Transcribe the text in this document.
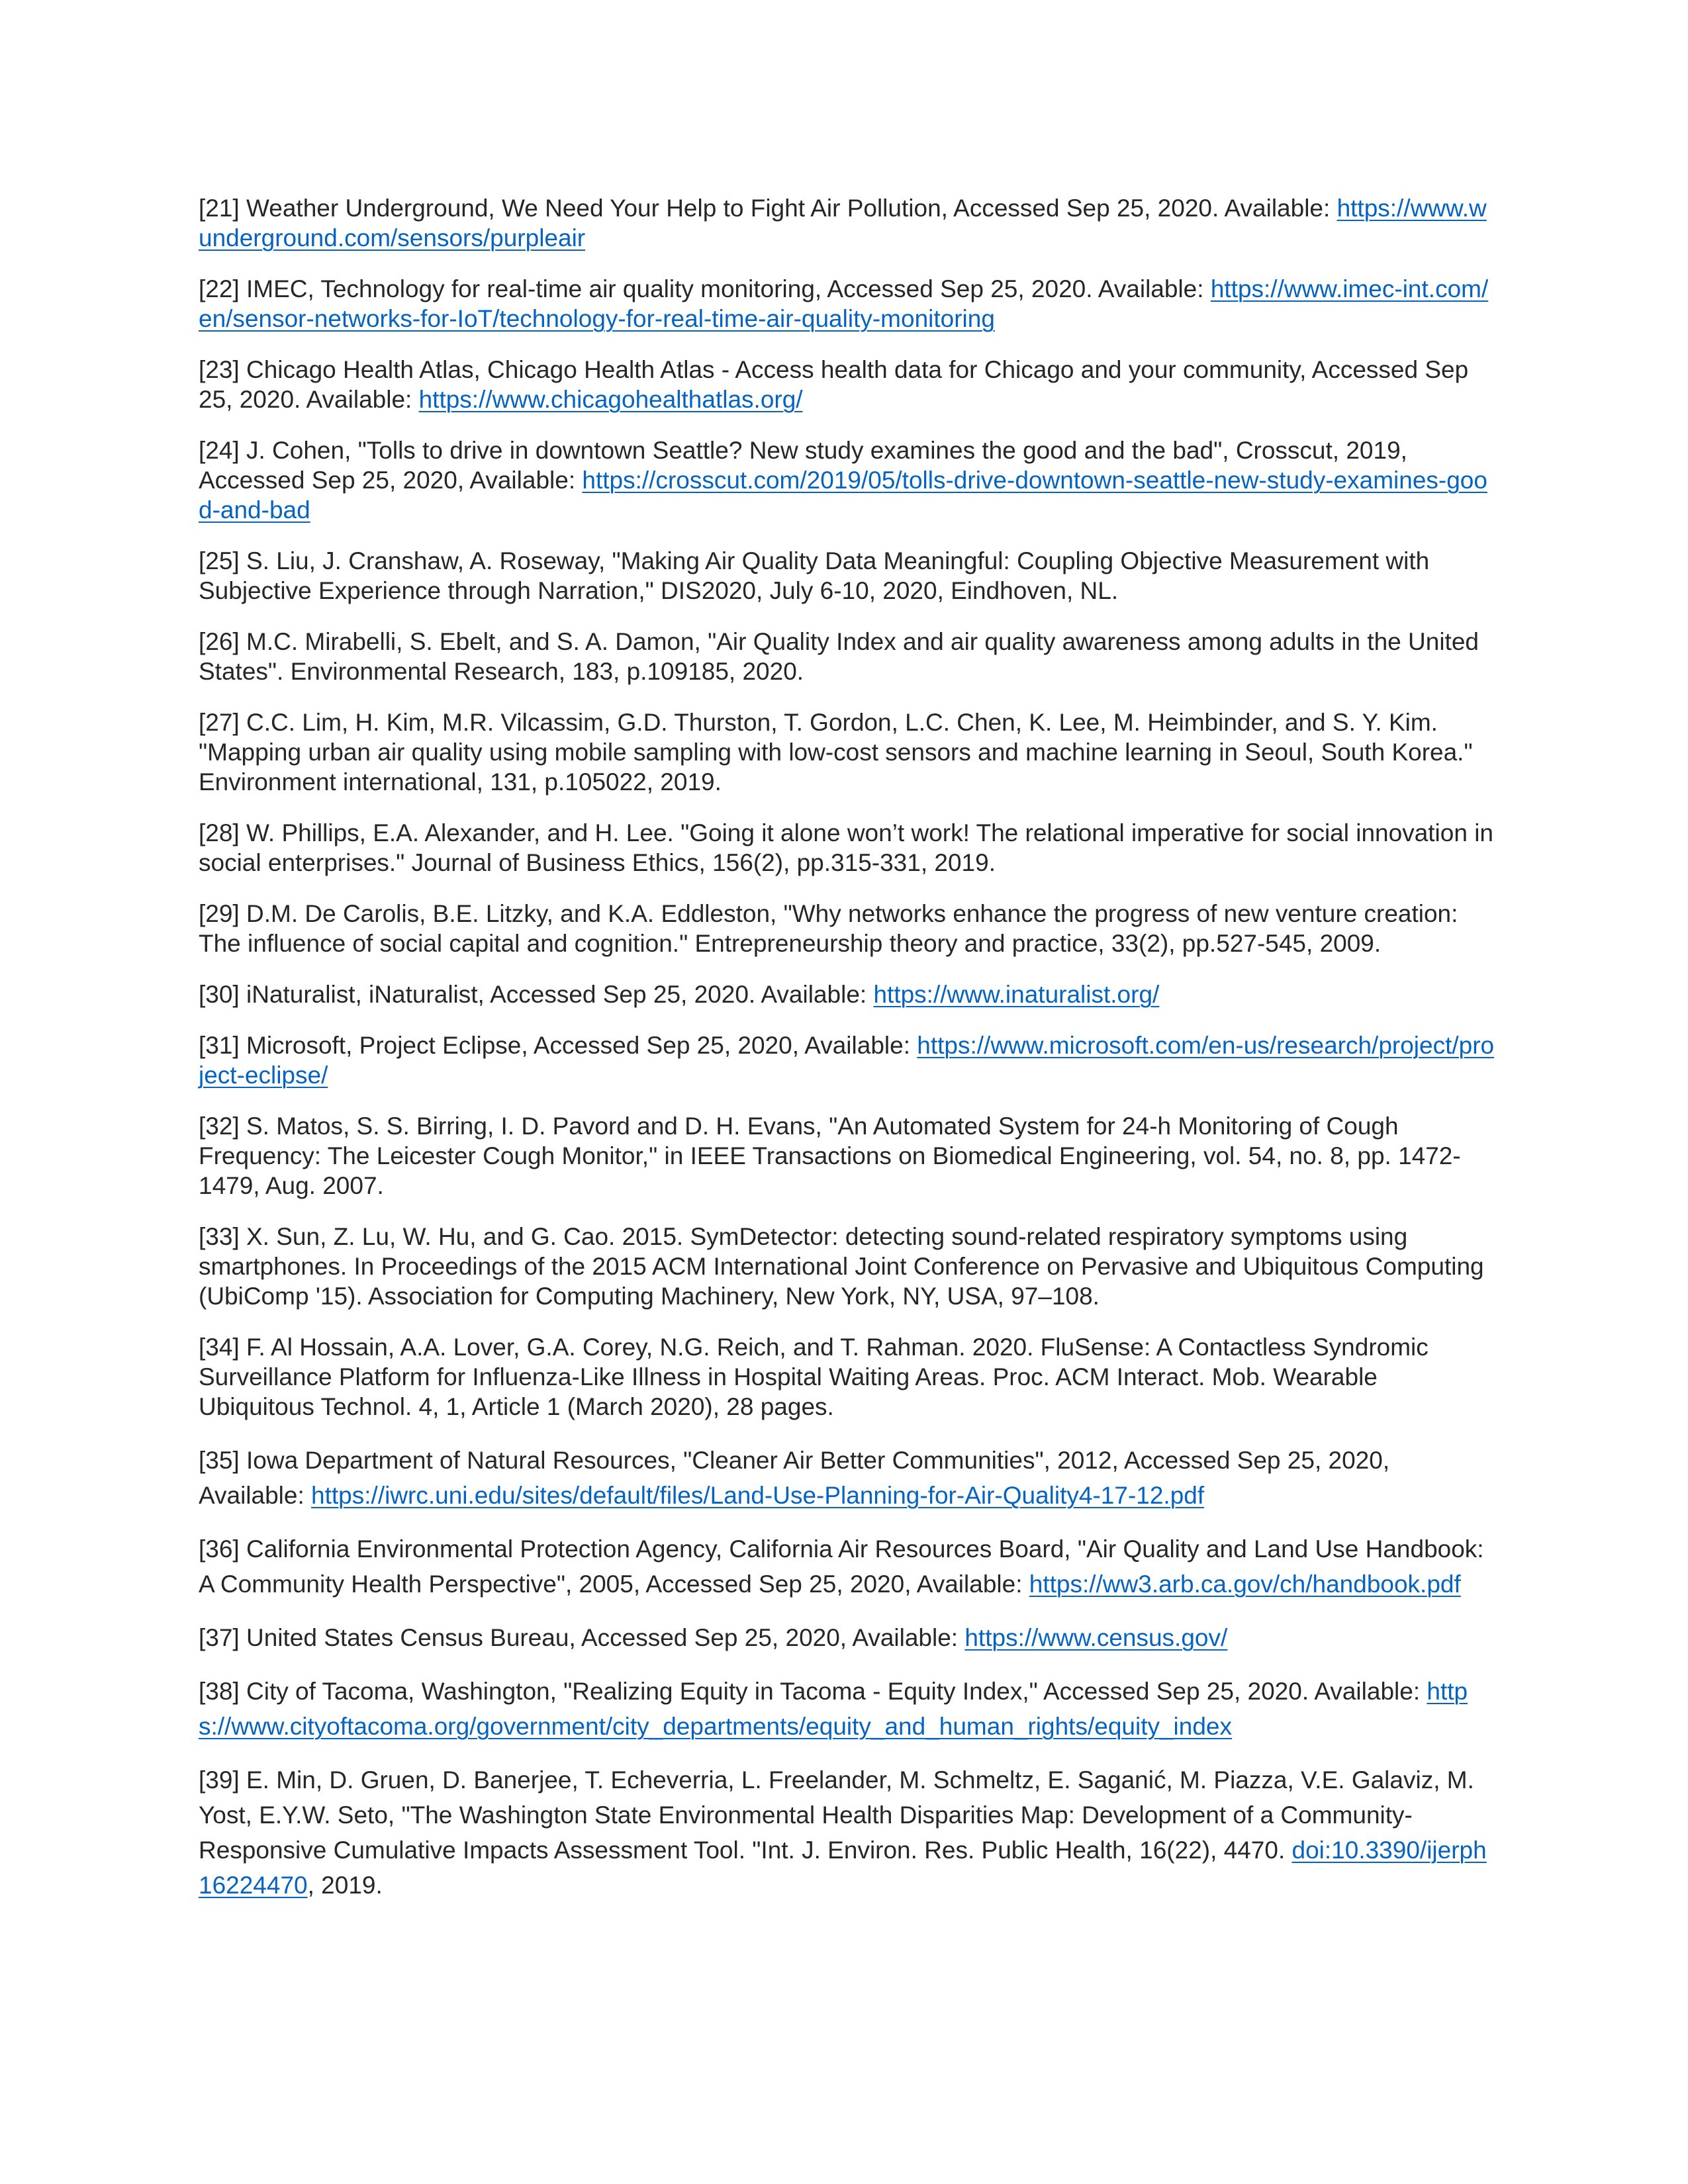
[21] Weather Underground, We Need Your Help to Fight Air Pollution, Accessed Sep 25, 2020. Available: https://www.wunderground.com/sensors/purpleair

[22] IMEC, Technology for real-time air quality monitoring, Accessed Sep 25, 2020. Available: https://www.imec-int.com/en/sensor-networks-for-IoT/technology-for-real-time-air-quality-monitoring

[23] Chicago Health Atlas, Chicago Health Atlas - Access health data for Chicago and your community, Accessed Sep 25, 2020. Available: https://www.chicagohealthatlas.org/

[24] J. Cohen, "Tolls to drive in downtown Seattle? New study examines the good and the bad", Crosscut, 2019, Accessed Sep 25, 2020, Available: https://crosscut.com/2019/05/tolls-drive-downtown-seattle-new-study-examines-good-and-bad

[25] S. Liu, J. Cranshaw, A. Roseway, "Making Air Quality Data Meaningful: Coupling Objective Measurement with Subjective Experience through Narration," DIS2020, July 6-10, 2020, Eindhoven, NL.

[26] M.C. Mirabelli, S. Ebelt, and S. A. Damon, "Air Quality Index and air quality awareness among adults in the United States". Environmental Research, 183, p.109185, 2020.

[27] C.C. Lim, H. Kim, M.R. Vilcassim, G.D. Thurston, T. Gordon, L.C. Chen, K. Lee, M. Heimbinder, and S. Y. Kim. "Mapping urban air quality using mobile sampling with low-cost sensors and machine learning in Seoul, South Korea." Environment international, 131, p.105022, 2019.

[28] W. Phillips, E.A. Alexander, and H. Lee. "Going it alone won’t work! The relational imperative for social innovation in social enterprises." Journal of Business Ethics, 156(2), pp.315-331, 2019.

[29] D.M. De Carolis, B.E. Litzky, and K.A. Eddleston, "Why networks enhance the progress of new venture creation: The influence of social capital and cognition." Entrepreneurship theory and practice, 33(2), pp.527-545, 2009.

[30] iNaturalist, iNaturalist, Accessed Sep 25, 2020. Available: https://www.inaturalist.org/

[31] Microsoft, Project Eclipse, Accessed Sep 25, 2020, Available: https://www.microsoft.com/en-us/research/project/project-eclipse/

[32] S. Matos, S. S. Birring, I. D. Pavord and D. H. Evans, "An Automated System for 24-h Monitoring of Cough Frequency: The Leicester Cough Monitor," in IEEE Transactions on Biomedical Engineering, vol. 54, no. 8, pp. 1472-1479, Aug. 2007.

[33] X. Sun, Z. Lu, W. Hu, and G. Cao. 2015. SymDetector: detecting sound-related respiratory symptoms using smartphones. In Proceedings of the 2015 ACM International Joint Conference on Pervasive and Ubiquitous Computing (UbiComp '15). Association for Computing Machinery, New York, NY, USA, 97–108.

[34] F. Al Hossain, A.A. Lover, G.A. Corey, N.G. Reich, and T. Rahman. 2020. FluSense: A Contactless Syndromic Surveillance Platform for Influenza-Like Illness in Hospital Waiting Areas. Proc. ACM Interact. Mob. Wearable Ubiquitous Technol. 4, 1, Article 1 (March 2020), 28 pages.

[35] Iowa Department of Natural Resources, "Cleaner Air Better Communities", 2012, Accessed Sep 25, 2020, Available: https://iwrc.uni.edu/sites/default/files/Land-Use-Planning-for-Air-Quality4-17-12.pdf

[36] California Environmental Protection Agency, California Air Resources Board, "Air Quality and Land Use Handbook: A Community Health Perspective", 2005, Accessed Sep 25, 2020, Available: https://ww3.arb.ca.gov/ch/handbook.pdf

[37] United States Census Bureau, Accessed Sep 25, 2020, Available: https://www.census.gov/

[38] City of Tacoma, Washington, "Realizing Equity in Tacoma - Equity Index," Accessed Sep 25, 2020. Available: https://www.cityoftacoma.org/government/city_departments/equity_and_human_rights/equity_index

[39] E. Min, D. Gruen, D. Banerjee, T. Echeverria, L. Freelander, M. Schmeltz, E. Saganić, M. Piazza, V.E. Galaviz, M. Yost, E.Y.W. Seto, "The Washington State Environmental Health Disparities Map: Development of a Community-Responsive Cumulative Impacts Assessment Tool. "Int. J. Environ. Res. Public Health, 16(22), 4470. doi:10.3390/ijerph16224470, 2019.
